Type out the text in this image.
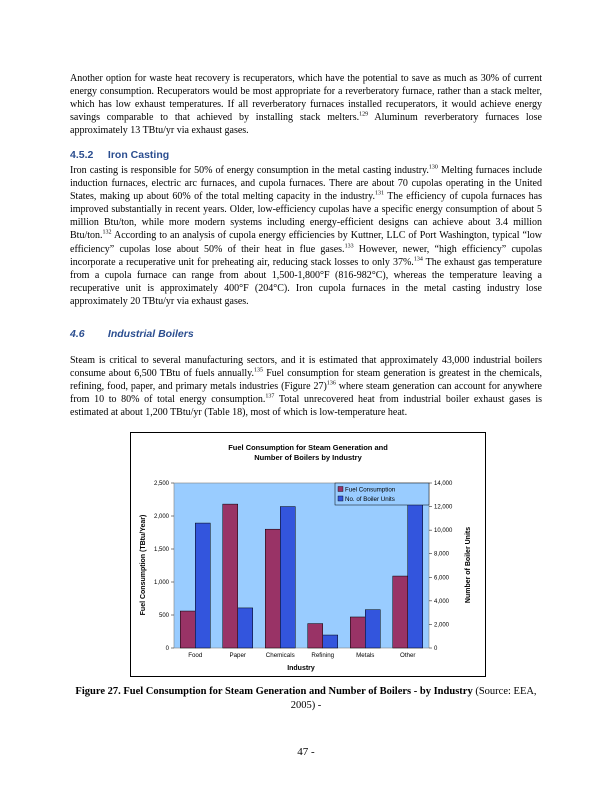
Another option for waste heat recovery is recuperators, which have the potential to save as much as 30% of current energy consumption. Recuperators would be most appropriate for a reverberatory furnace, rather than a stack melter, which has low exhaust temperatures. If all reverberatory furnaces installed recuperators, it would achieve energy savings comparable to that achieved by installing stack melters.$^{129}$ Aluminum reverberatory furnaces lose approximately 13 TBtu/yr via exhaust gases.

4.5.2 Iron Casting

Iron casting is responsible for 50% of energy consumption in the metal casting industry.$^{130}$ Melting furnaces include induction furnaces, electric arc furnaces, and cupola furnaces. There are about 70 cupolas operating in the United States, making up about 60% of the total melting capacity in the industry.$^{131}$ The efficiency of cupola furnaces has improved substantially in recent years. Older, low-efficiency cupolas have a specific energy consumption of about 5 million Btu/ton, while more modern systems including energy-efficient designs can achieve about 3.4 million Btu/ton.$^{132}$ According to an analysis of cupola energy efficiencies by Kuttner, LLC of Port Washington, typical “low efficiency” cupolas lose about 50% of their heat in flue gases.$^{133}$ However, newer, “high efficiency” cupolas incorporate a recuperative unit for preheating air, reducing stack losses to only 37%.$^{134}$ The exhaust gas temperature from a cupola furnace can range from about 1,500-1,800°F (816-982°C), whereas the temperature leaving a recuperative unit is approximately 400°F (204°C). Iron cupola furnaces in the metal casting industry lose approximately 20 TBtu/yr via exhaust gases.

4.6 Industrial Boilers

Steam is critical to several manufacturing sectors, and it is estimated that approximately 43,000 industrial boilers consume about 6,500 TBtu of fuels annually.$^{135}$ Fuel consumption for steam generation is greatest in the chemicals, refining, food, paper, and primary metals industries (Figure 27)$^{136}$ where steam generation can account for anywhere from 10 to 80% of total energy consumption.$^{137}$ Total unrecovered heat from industrial boiler exhaust gases is estimated at about 1,200 TBtu/yr (Table 18), most of which is low-temperature heat.

Fuel Consumption for Steam Generation and
Number of Boilers by Industry
0
500
1,000
1,500
2,000
2,500
0
2,000
4,000
6,000
8,000
10,000
12,000
14,000
Food	Paper	Chemicals	Refining	Metals	Other
Industry
Fuel Consumption (TBtu/Year)	Number of Boiler Units
Fuel Consumption
No. of Boiler Units

Figure 27. Fuel Consumption for Steam Generation and Number of Boilers - by Industry (Source: EEA, 2005) -

47 -
